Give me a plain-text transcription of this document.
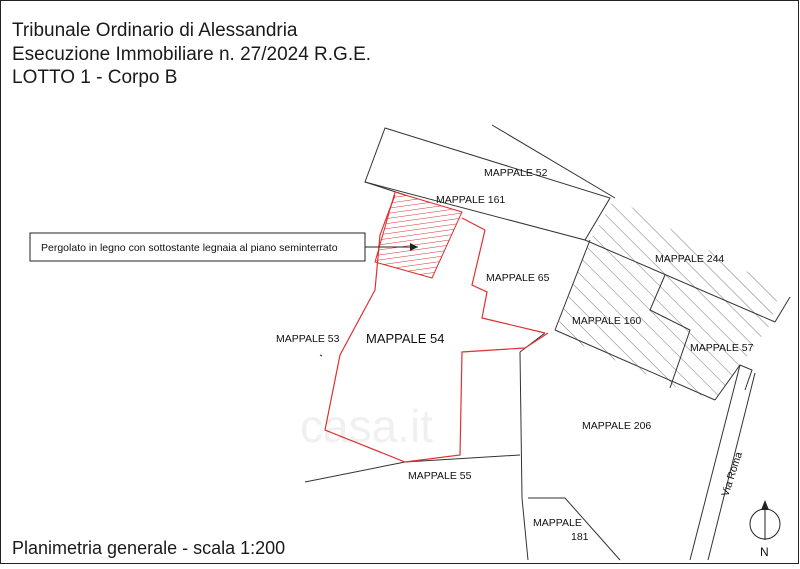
Pergolato in legno con sottostante legnaia al piano seminterrato
MAPPALE 52
MAPPALE 161
MAPPALE 244
MAPPALE 65
MAPPALE 160
MAPPALE 53 MAPPALE 54
MAPPALE 57
MAPPALE 206
MAPPALE 55
MAPPALE
181
Via Roma
casa.it
N
Tribunale Ordinario di Alessandria
Esecuzione Immobiliare n. 27/2024 R.G.E.
LOTTO 1 - Corpo B
Planimetria generale - scala 1:200
